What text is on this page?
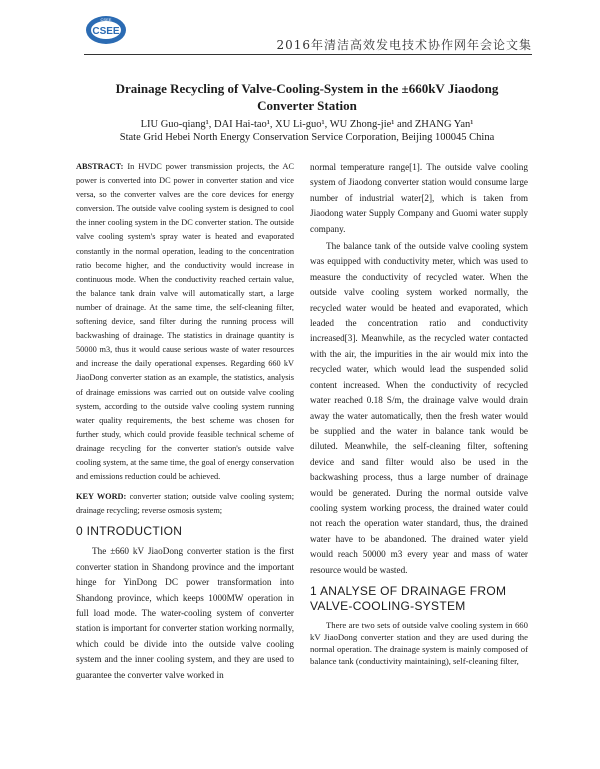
CSEE
CSEE
2016年清洁高效发电技术协作网年会论文集
Drainage Recycling of Valve-Cooling-System in the ±660kV Jiaodong
Converter Station
LIU Guo-qiang¹, DAI Hai-tao¹, XU Li-guo¹, WU Zhong-jie¹ and ZHANG Yan¹
State Grid Hebei North Energy Conservation Service Corporation, Beijing 100045 China

ABSTRACT: In HVDC power transmission projects, the AC power is converted into DC power in converter station and vice versa, so the converter valves are the core devices for energy conversion. The outside valve cooling system is designed to cool the inner cooling system in the DC converter station. The outside valve cooling system's spray water is heated and evaporated constantly in the normal operation, leading to the concentration ratio become higher, and the conductivity would increase in continuous mode. When the conductivity reached certain value, the balance tank drain valve will automatically start, a large number of drainage. At the same time, the self-cleaning filter, softening device, sand filter during the running process will backwashing of drainage. The statistics in drainage quantity is 50000 m3, thus it would cause serious waste of water resources and increase the daily operational expenses. Regarding 660 kV JiaoDong converter station as an example, the statistics, analysis of drainage emissions was carried out on outside valve cooling system, according to the outside valve cooling system running water quality requirements, the best scheme was chosen for further study, which could provide feasible technical scheme of drainage recycling for the converter station's outside valve cooling system, at the same time, the goal of energy conservation and emissions reduction could be achieved.

KEY WORD: converter station; outside valve cooling system; drainage recycling; reverse osmosis system;

0 INTRODUCTION

The ±660 kV JiaoDong converter station is the first converter station in Shandong province and the important hinge for YinDong DC power transformation into Shandong province, which keeps 1000MW operation in full load mode. The water-cooling system of converter station is important for converter station working normally, which could be divide into the outside valve cooling system and the inner cooling system, and they are used to guarantee the converter valve worked in

normal temperature range[1]. The outside valve cooling system of Jiaodong converter station would consume large number of industrial water[2], which is taken from Jiaodong water Supply Company and Guomi water supply company.

The balance tank of the outside valve cooling system was equipped with conductivity meter, which was used to measure the conductivity of recycled water. When the outside valve cooling system worked normally, the recycled water would be heated and evaporated, which leaded the concentration ratio and conductivity increased[3]. Meanwhile, as the recycled water contacted with the air, the impurities in the air would mix into the recycled water, which would lead the suspended solid content increased. When the conductivity of recycled water reached 0.18 S/m, the drainage valve would drain away the water automatically, then the fresh water would be supplied and the water in balance tank would be diluted. Meanwhile, the self-cleaning filter, softening device and sand filter would also be used in the backwashing process, thus a large number of drainage would be generated. During the normal outside valve cooling system working process, the drained water could not reach the operation water standard, thus, the drained water have to be abandoned. The drained water yield would reach 50000 m3 every year and mass of water resource would be wasted.

1 ANALYSE OF DRAINAGE FROM
VALVE-COOLING-SYSTEM

There are two sets of outside valve cooling system in 660 kV JiaoDong converter station and they are used during the normal operation. The drainage system is mainly composed of balance tank (conductivity maintaining), self-cleaning filter,
